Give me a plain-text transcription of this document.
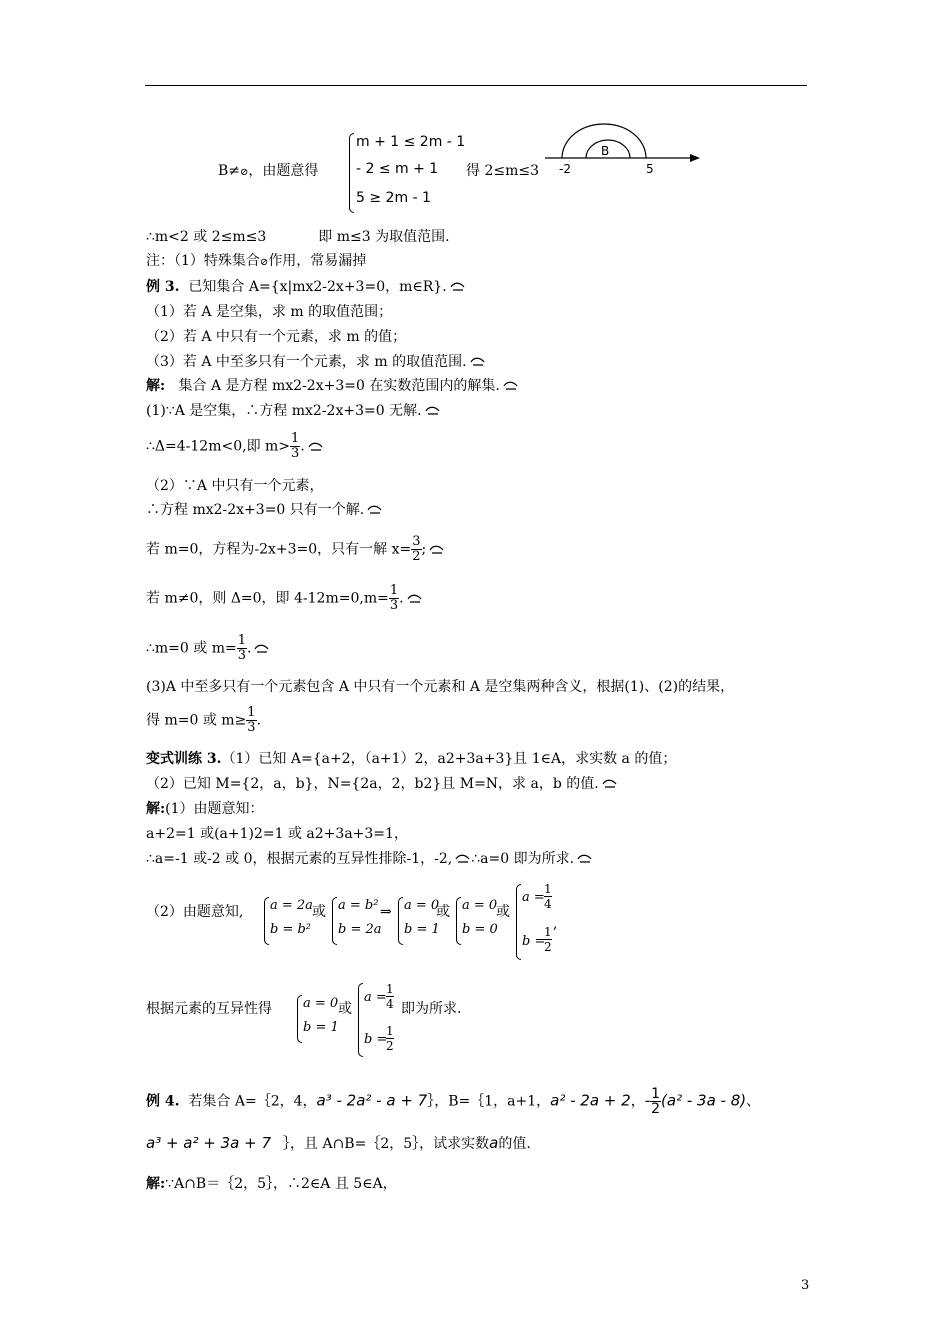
B≠⊘，由题意得
m + 1 ≤ 2m - 1
- 2 ≤ m + 1
5 ≥ 2m - 1
得 2≤m≤3 -2	5
B
∴m<2 或 2≤m≤3	即 m≤3 为取值范围.
注：（1）特殊集合⊘作用，常易漏掉
例 3. 已知集合 A={x|mx2-2x+3=0，m∈R}.
（1）若 A 是空集，求 m 的取值范围；
（2）若 A 中只有一个元素，求 m 的值；
（3）若 A 中至多只有一个元素，求 m 的取值范围.
解: 集合 A 是方程 mx2-2x+3=0 在实数范围内的解集.
(1)∵A 是空集，∴方程 mx2-2x+3=0 无解.
∴Δ=4-12m<0,即 $m> \frac{1}{3}$ .
（2）∵A 中只有一个元素，
∴方程 mx2-2x+3=0 只有一个解.
若 m=0，方程为-2x+3=0，只有一解 $x= \frac{3}{2}$ ;
若 m≠0，则 Δ=0，即 $4-12m=0,m= \frac{1}{3}$ .
∴m=0 或 $m= \frac{1}{3}$ .
(3)A 中至多只有一个元素包含 A 中只有一个元素和 A 是空集两种含义，根据(1)、(2)的结果，
得 m=0 或 $m\ge \frac{1}{3}$ .
变式训练 3.（1）已知 A={a+2，（a+1）2，a2+3a+3}且 1∈A，求实数 a 的值；
（2）已知 M={2，a，b}，N={2a，2，b2}且 M=N，求 a，b 的值.
解:(1）由题意知：
a+2=1 或(a+1)2=1 或 a2+3a+3=1，
∴a=-1 或-2 或 0，根据元素的互异性排除-1，-2, ∴a=0 即为所求.
（2）由题意知, a = 2a
b = b²
或 a = b²
b = 2a
⇒ a = 0
b = 1
或 a = 0
b = 0
或
a =
1
4
b =
1
2
,
根据元素的互异性得 a = 0
b = 1
或
a =
1
4
b =
1
2
即为所求.
例 4. 若集合 A=｛2，4，a³ - 2a² - a + 7｝，B=｛1，a+1，a² - 2a + 2，- $\frac{1}{2} (a^2 - 3a - 8)$、
a³ + a² + 3a + 7 ｝，且 A∩B=｛2，5｝，试求实数a的值.
解:∵A∩B＝｛2，5｝，∴2∈A 且 5∈A，
3
